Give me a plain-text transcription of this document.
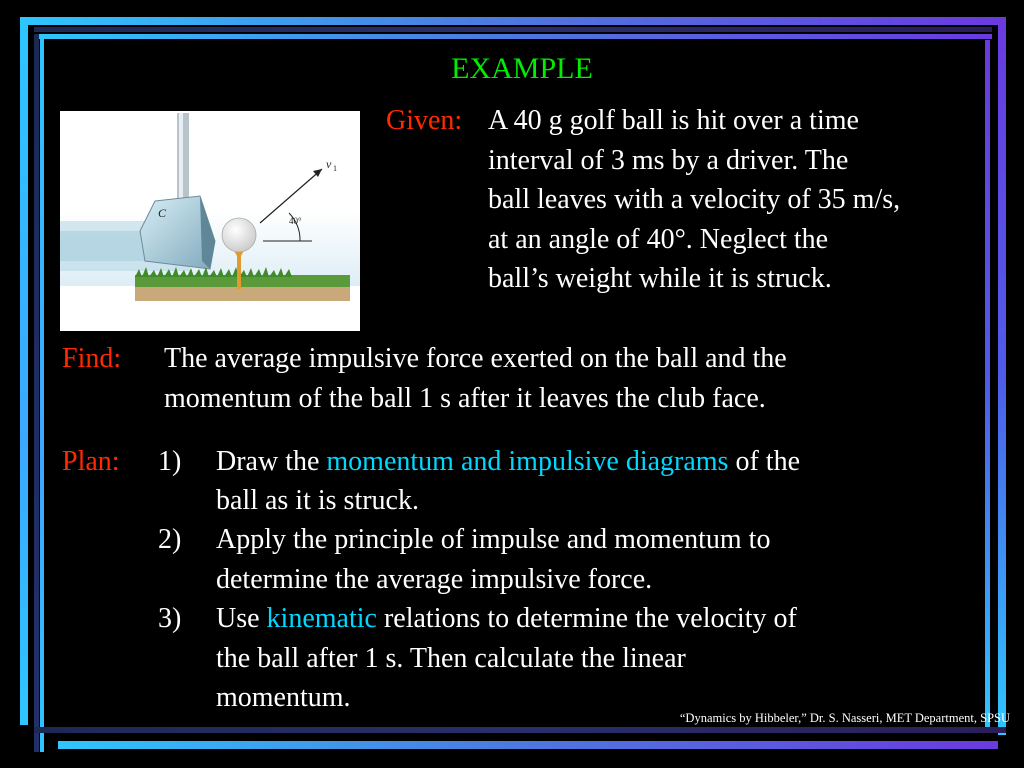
EXAMPLE
C
v 1
40°
Given: A 40 g golf ball is hit over a time
interval of 3 ms by a driver. The
ball leaves with a velocity of 35 m/s,
at an angle of 40°. Neglect the
ball’s weight while it is struck.
Find: The average impulsive force exerted on the ball and the
momentum of the ball 1 s after it leaves the club face.
Plan: 1) Draw the momentum and impulsive diagrams of the
ball as it is struck.
2) Apply the principle of impulse and momentum to
determine the average impulsive force.
3) Use kinematic relations to determine the velocity of
the ball after 1 s. Then calculate the linear
momentum.
“Dynamics by Hibbeler,” Dr. S. Nasseri, MET Department, SPSU
